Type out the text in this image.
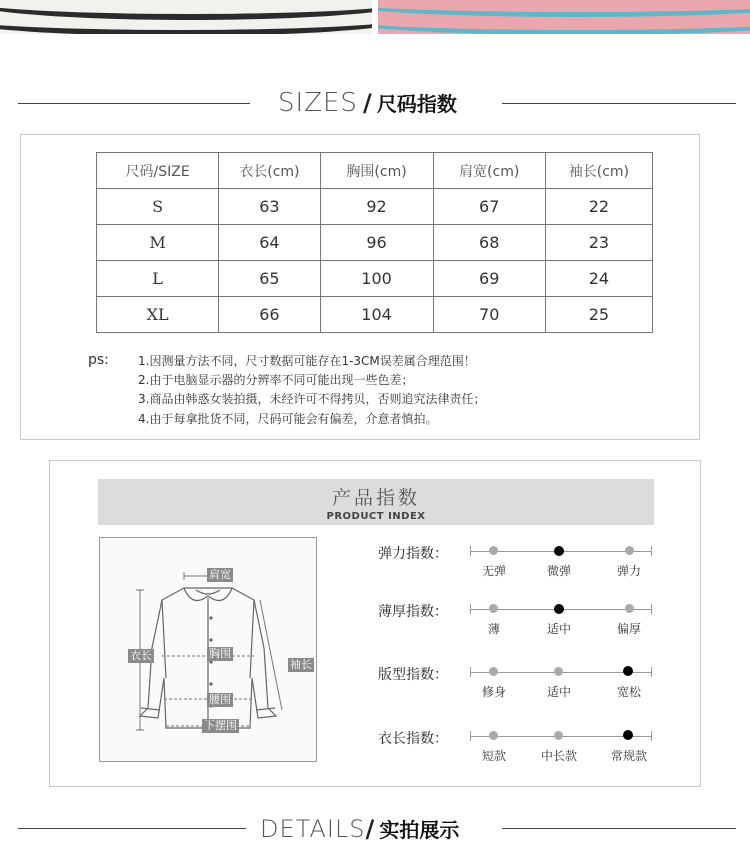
SIZES / 尺码指数
尺码/SIZE	衣长(cm)	胸围(cm)	肩宽(cm)	袖长(cm)
S	63	92	67	22
M	64	96	68	23
L	65	100	69	24
XL	66	104	70	25
ps: 1.因测量方法不同，尺寸数据可能存在1-3CM误差属合理范围！
2.由于电脑显示器的分辨率不同可能出现一些色差；
3.商品由韩惑女装拍摄，未经许可不得拷贝，否则追究法律责任；
4.由于每拿批货不同，尺码可能会有偏差，介意者慎拍。
产品指数
PRODUCT INDEX
肩宽
衣长	胸围
袖长
腰围
下摆围
弹力指数：
无弹	微弹	弹力
薄厚指数：
薄	适中	偏厚
版型指数：
修身	适中	宽松
衣长指数：
短款	中长款	常规款
DETAILS/ 实拍展示
